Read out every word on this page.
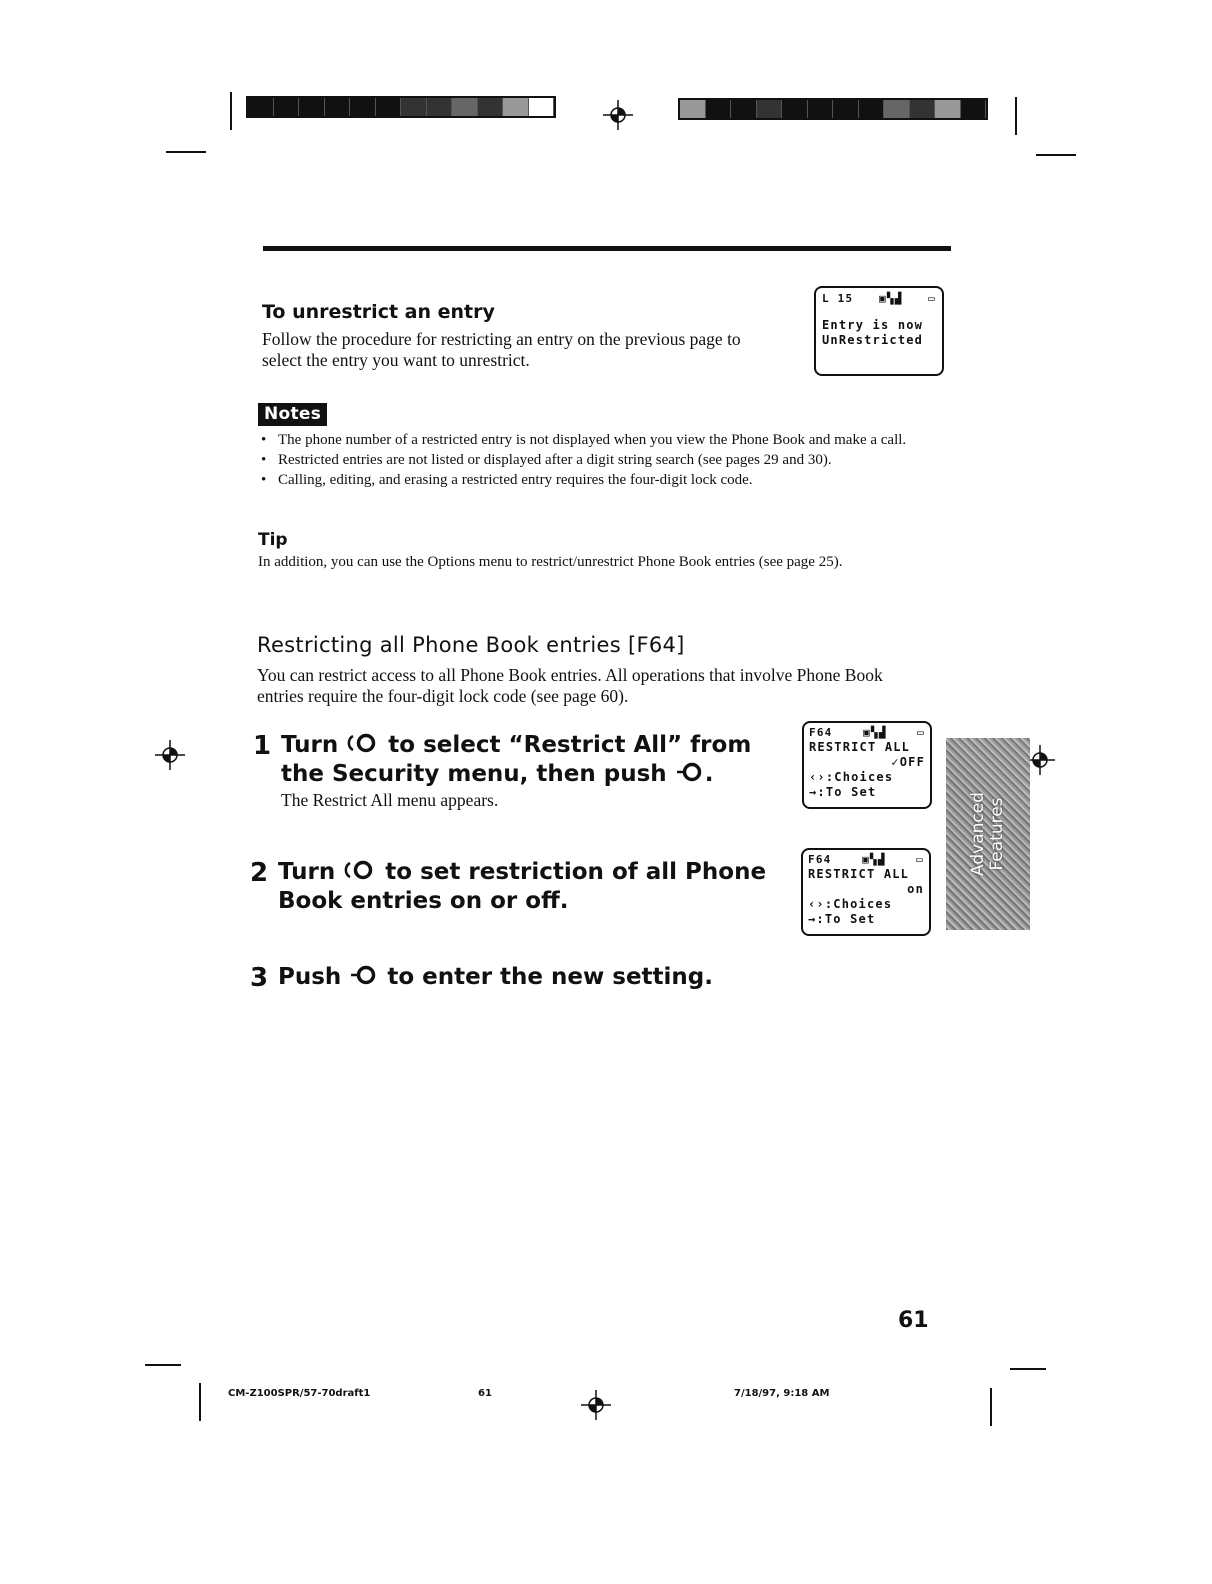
To unrestrict an entry

Follow the procedure for restricting an entry on the previous page to select the entry you want to unrestrict.

L 15 ▣▚▟ ▭
Entry is now
UnRestricted
Notes
• The phone number of a restricted entry is not displayed when you view the Phone Book and make a call.
• Restricted entries are not listed or displayed after a digit string search (see pages 29 and 30).
• Calling, editing, and erasing a restricted entry requires the four-digit lock code.
Tip

In addition, you can use the Options menu to restrict/unrestrict Phone Book entries (see page 25).

Restricting all Phone Book entries [F64]

You can restrict access to all Phone Book entries. All operations that involve Phone Book entries require the four-digit lock code (see page 60).

1 Turn to select “Restrict All” from the Security menu, then push .

The Restrict All menu appears.

F64	▣▚▟	▭
RESTRICT ALL
✓OFF
‹›:Choices
→:To Set
2 Turn to set restriction of all Phone Book entries on or off.
F64	▣▚▟	▭
RESTRICT ALL
on
‹›:Choices
→:To Set
3 Push to enter the new setting.
Advanced Features
61
CM-Z100SPR/57-70draft1	61	7/18/97, 9:18 AM
